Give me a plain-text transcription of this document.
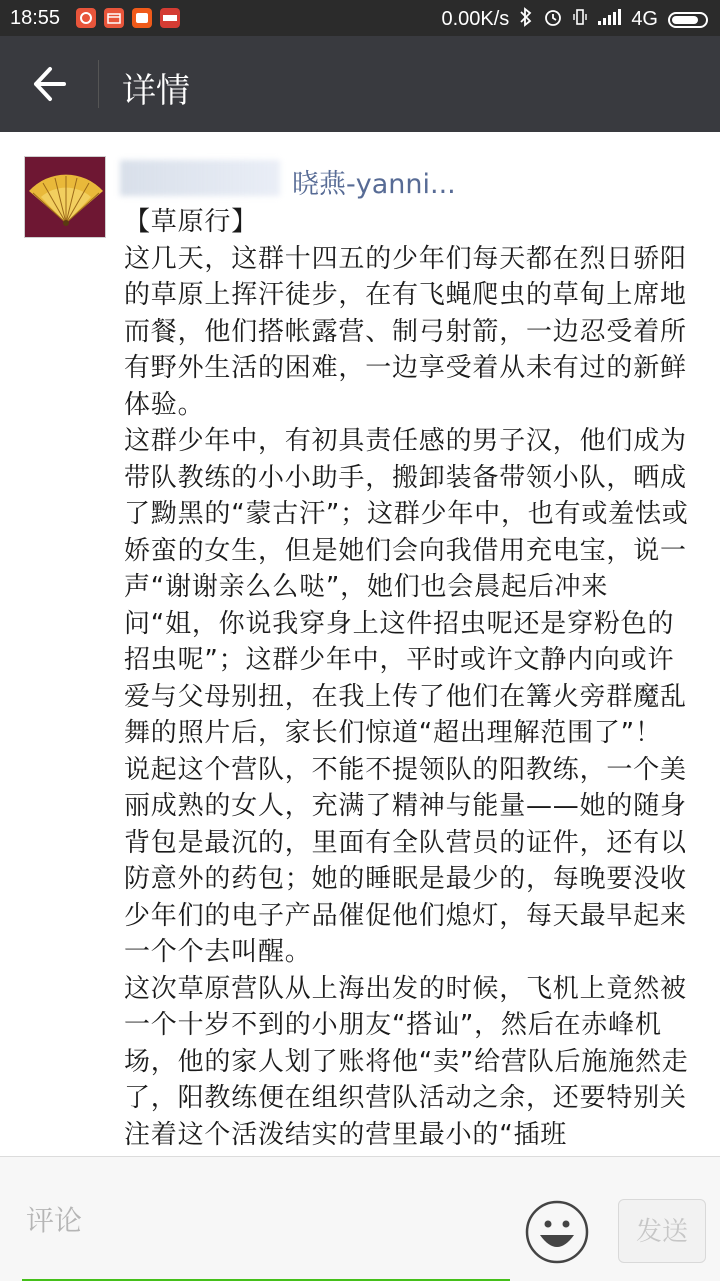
18:55	0.00K/s	4G
详情
晓燕-yanni...

【草原行】

这几天，这群十四五的少年们每天都在烈日骄阳的草原上挥汗徒步，在有飞蝇爬虫的草甸上席地而餐，他们搭帐露营、制弓射箭，一边忍受着所有野外生活的困难，一边享受着从未有过的新鲜体验。

这群少年中，有初具责任感的男子汉，他们成为带队教练的小小助手，搬卸装备带领小队，晒成了黝黑的“蒙古汗”；这群少年中，也有或羞怯或娇蛮的女生，但是她们会向我借用充电宝，说一声“谢谢亲么么哒”，她们也会晨起后冲来问“姐，你说我穿身上这件招虫呢还是穿粉色的招虫呢”；这群少年中，平时或许文静内向或许爱与父母别扭，在我上传了他们在篝火旁群魔乱舞的照片后，家长们惊道“超出理解范围了”！

说起这个营队，不能不提领队的阳教练，一个美丽成熟的女人，充满了精神与能量——她的随身背包是最沉的，里面有全队营员的证件，还有以防意外的药包；她的睡眠是最少的，每晚要没收少年们的电子产品催促他们熄灯，每天最早起来一个个去叫醒。

这次草原营队从上海出发的时候，飞机上竟然被一个十岁不到的小朋友“搭讪”，然后在赤峰机场，他的家人划了账将他“卖”给营队后施施然走了，阳教练便在组织营队活动之余，还要特别关注着这个活泼结实的营里最小的“插班

评论
发送
